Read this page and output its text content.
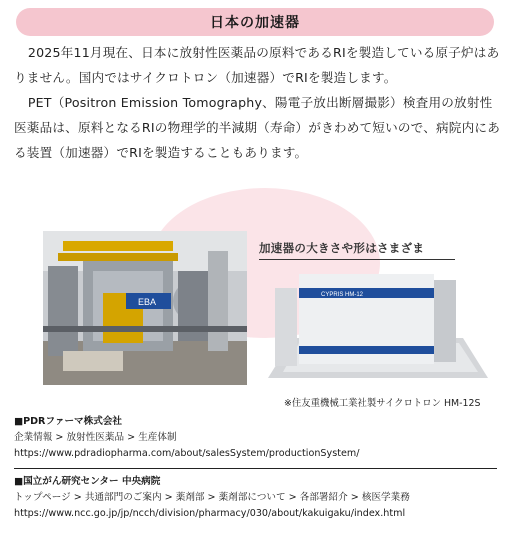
日本の加速器

2025年11月現在、日本に放射性医薬品の原料であるRIを製造している原子炉はありません。国内ではサイクロトロン（加速器）でRIを製造します。

PET（Positron Emission Tomography、陽電子放出断層撮影）検査用の放射性医薬品は、原料となるRIの物理学的半減期（寿命）がきわめて短いので、病院内にある装置（加速器）でRIを製造することもあります。

EBA
加速器の大きさや形はさまざま
CYPRIS HM-12
※住友重機械工業社製サイクロトロン HM-12S
■PDRファーマ株式会社
企業情報 > 放射性医薬品 > 生産体制
https://www.pdradiopharma.com/about/salesSystem/productionSystem/
■国立がん研究センター 中央病院
トップページ > 共通部門のご案内 > 薬剤部 > 薬剤部について > 各部署紹介 > 核医学業務
https://www.ncc.go.jp/jp/ncch/division/pharmacy/030/about/kakuigaku/index.html
